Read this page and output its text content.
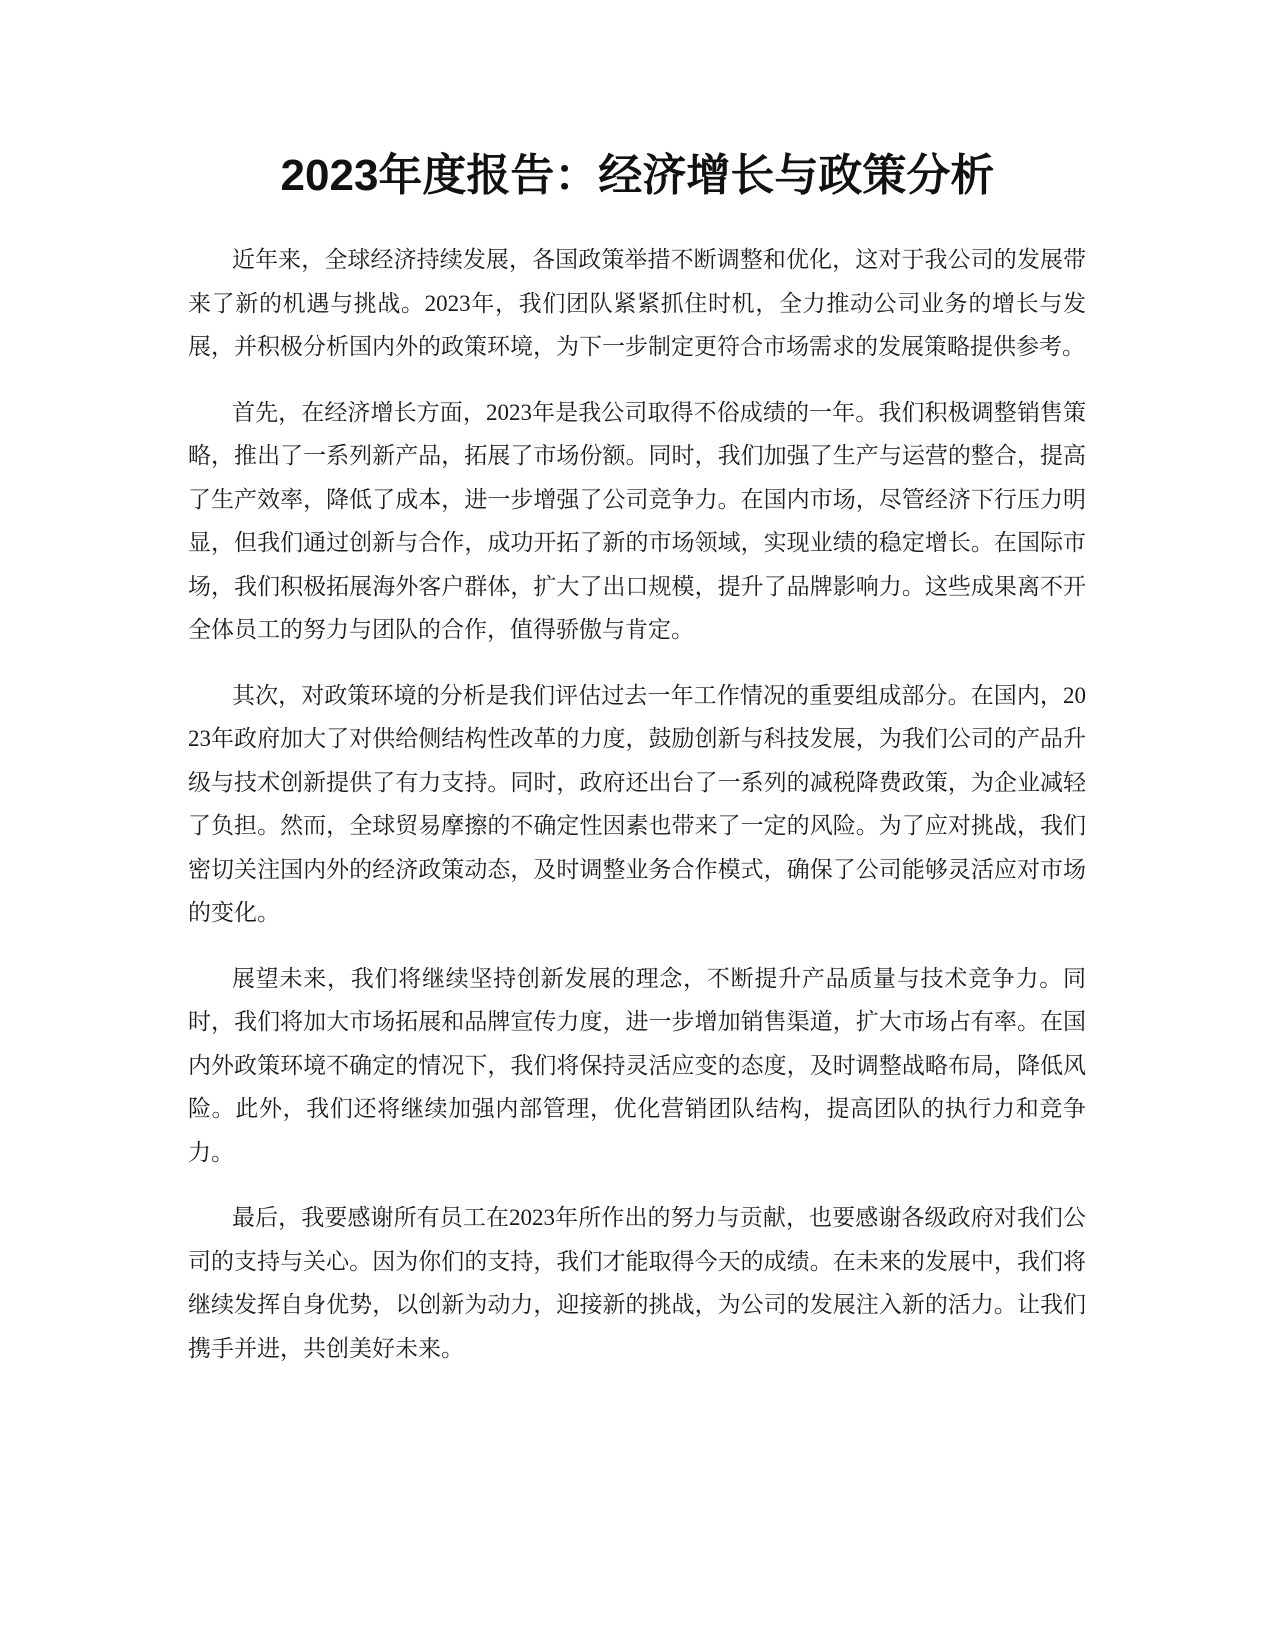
2023年度报告：经济增长与政策分析

近年来，全球经济持续发展，各国政策举措不断调整和优化，这对于我公司的发展带来了新的机遇与挑战。2023年，我们团队紧紧抓住时机，全力推动公司业务的增长与发展，并积极分析国内外的政策环境，为下一步制定更符合市场需求的发展策略提供参考。

首先，在经济增长方面，2023年是我公司取得不俗成绩的一年。我们积极调整销售策略，推出了一系列新产品，拓展了市场份额。同时，我们加强了生产与运营的整合，提高了生产效率，降低了成本，进一步增强了公司竞争力。在国内市场，尽管经济下行压力明显，但我们通过创新与合作，成功开拓了新的市场领域，实现业绩的稳定增长。在国际市场，我们积极拓展海外客户群体，扩大了出口规模，提升了品牌影响力。这些成果离不开全体员工的努力与团队的合作，值得骄傲与肯定。

其次，对政策环境的分析是我们评估过去一年工作情况的重要组成部分。在国内，2023年政府加大了对供给侧结构性改革的力度，鼓励创新与科技发展，为我们公司的产品升级与技术创新提供了有力支持。同时，政府还出台了一系列的减税降费政策，为企业减轻了负担。然而，全球贸易摩擦的不确定性因素也带来了一定的风险。为了应对挑战，我们密切关注国内外的经济政策动态，及时调整业务合作模式，确保了公司能够灵活应对市场的变化。

展望未来，我们将继续坚持创新发展的理念，不断提升产品质量与技术竞争力。同时，我们将加大市场拓展和品牌宣传力度，进一步增加销售渠道，扩大市场占有率。在国内外政策环境不确定的情况下，我们将保持灵活应变的态度，及时调整战略布局，降低风险。此外，我们还将继续加强内部管理，优化营销团队结构，提高团队的执行力和竞争力。

最后，我要感谢所有员工在2023年所作出的努力与贡献，也要感谢各级政府对我们公司的支持与关心。因为你们的支持，我们才能取得今天的成绩。在未来的发展中，我们将继续发挥自身优势，以创新为动力，迎接新的挑战，为公司的发展注入新的活力。让我们携手并进，共创美好未来。
